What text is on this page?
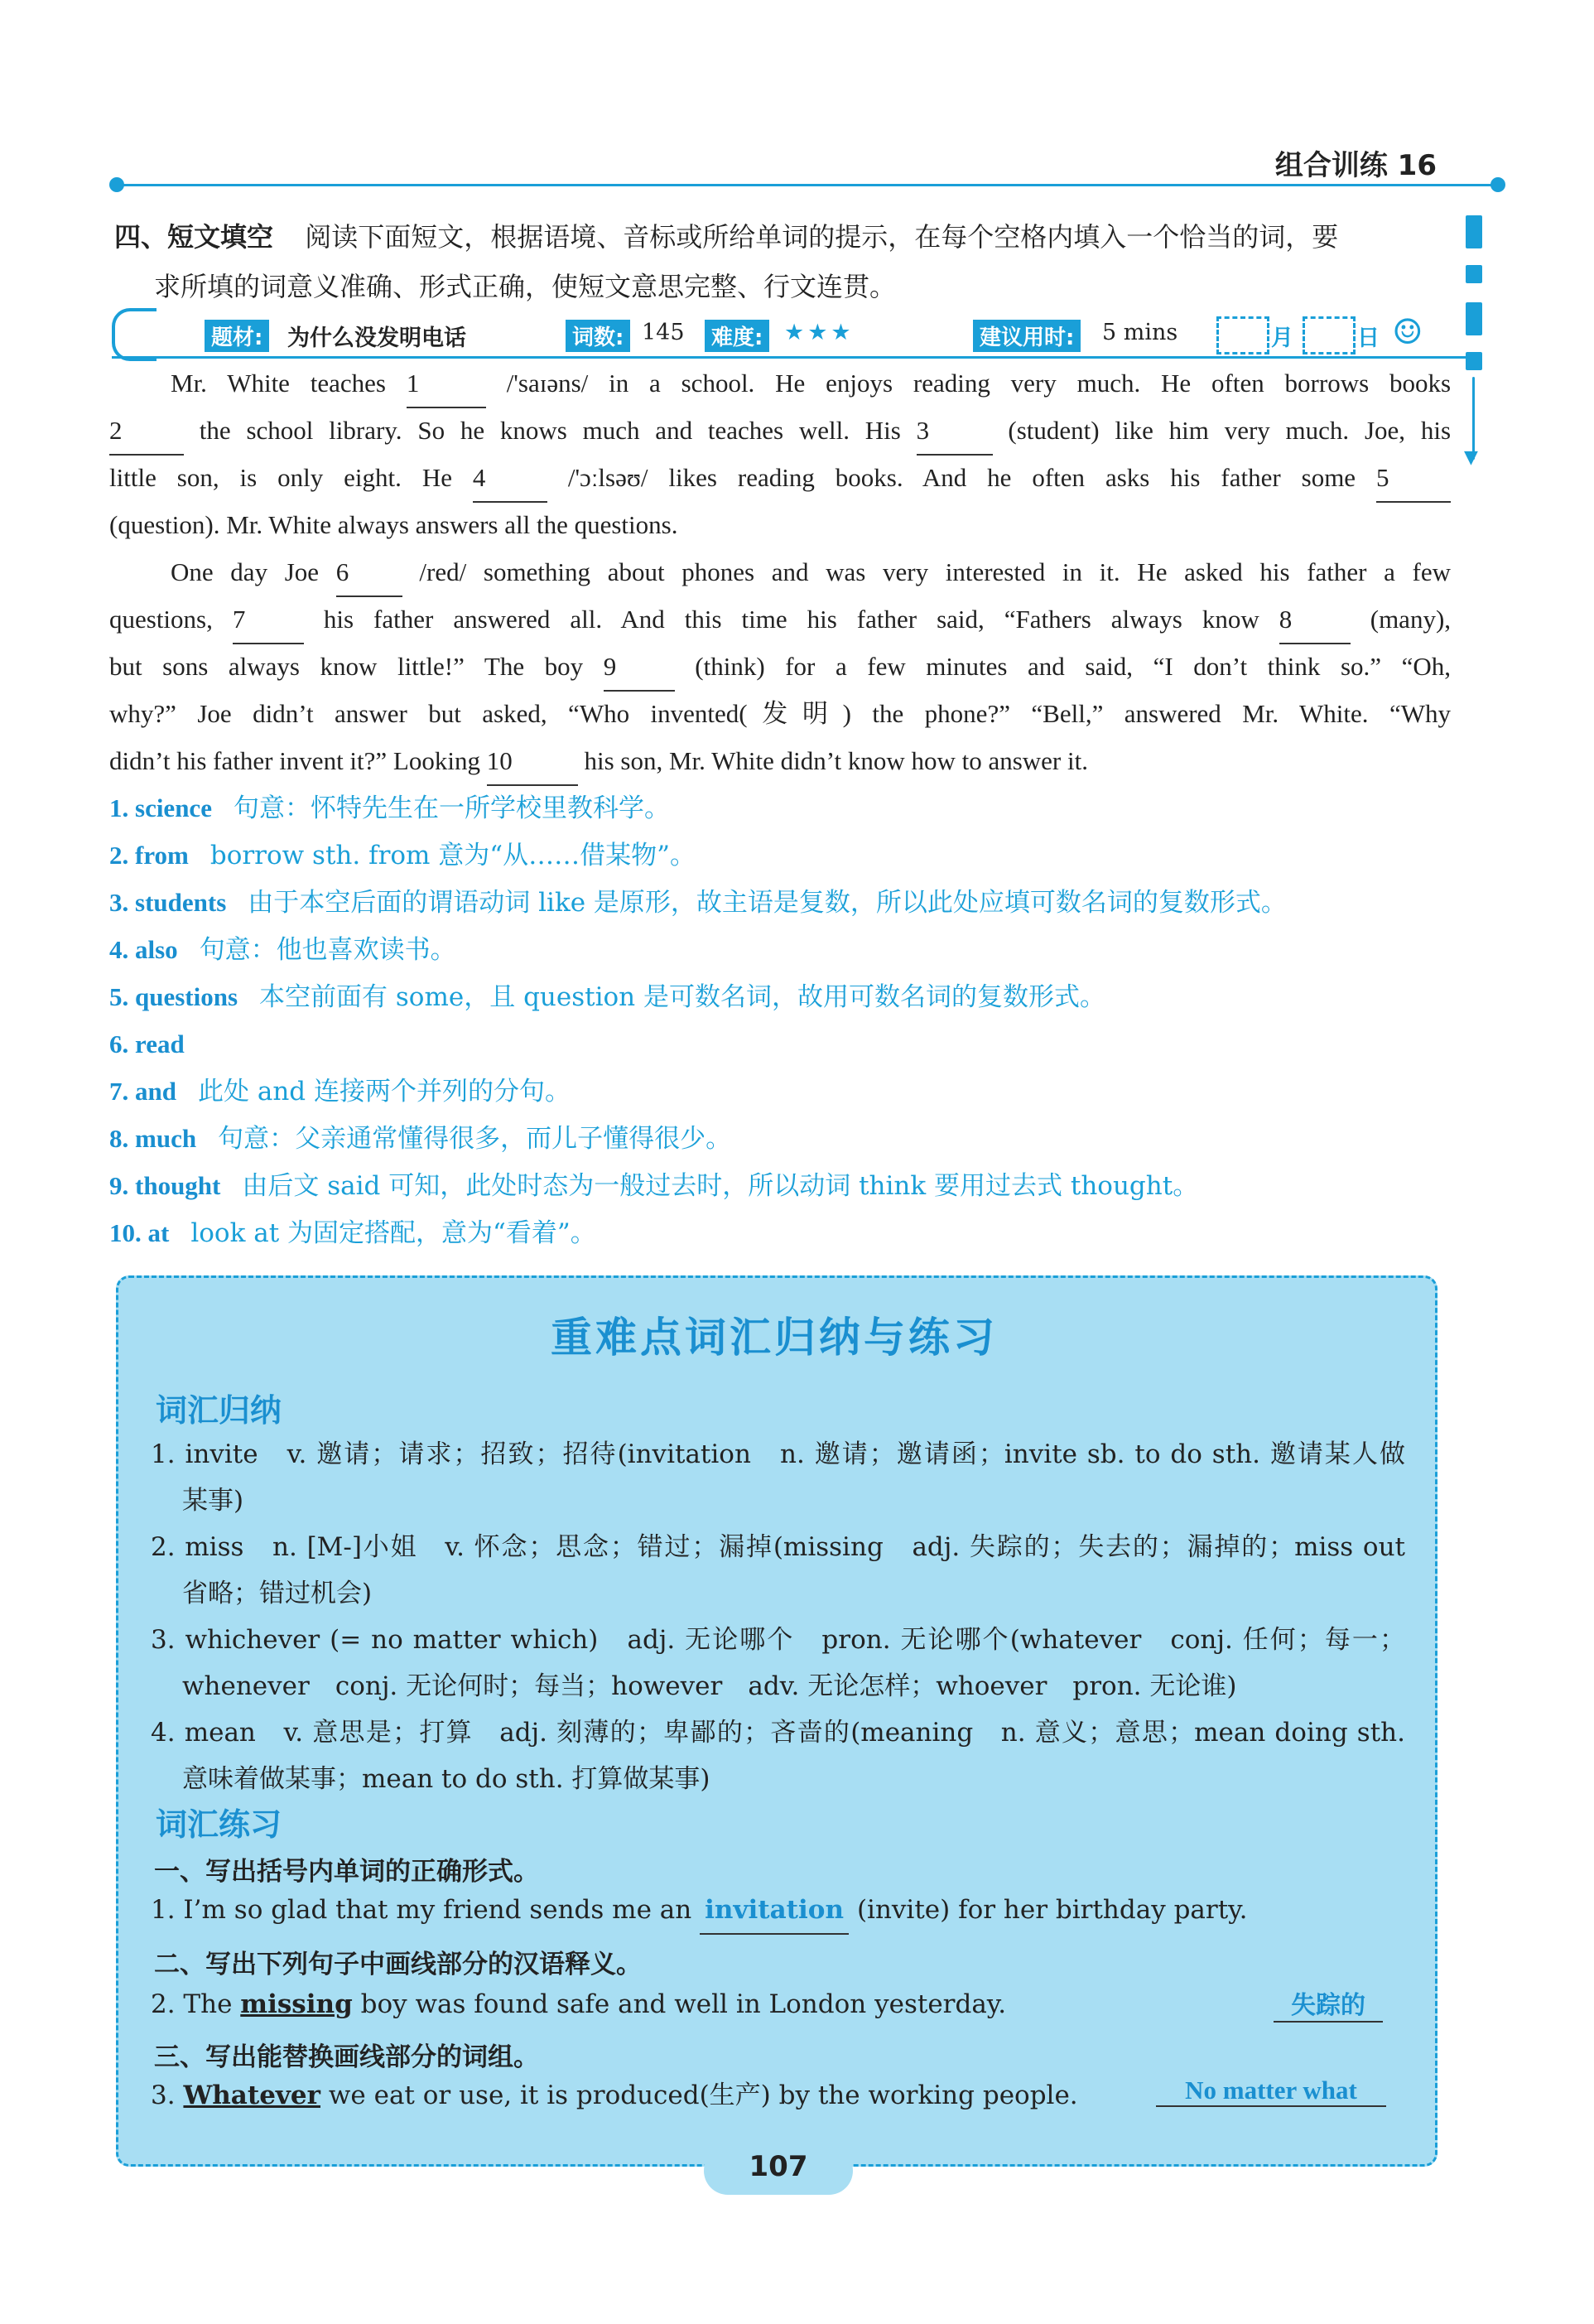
组合训练 16
▼
四、短文填空 阅读下面短文，根据语境、音标或所给单词的提示，在每个空格内填入一个恰当的词，要
求所填的词意义准确、形式正确，使短文意思完整、行文连贯。
题材: 为什么没发明电话	词数: 145	难度: ★★★	建议用时: 5 mins	月	日 ☺
Mr. White teaches 1	/'saɪəns/ in a school. He enjoys reading very much. He often borrows books
2	the school library. So he knows much and teaches well. His 3	(student) like him very much. Joe, his
little son, is only eight. He 4	/'ɔːlsəʊ/ likes reading books. And he often asks his father some 5
(question). Mr. White always answers all the questions.
One day Joe 6	/red/ something about phones and was very interested in it. He asked his father a few
questions, 7	his father answered all. And this time his father said, “Fathers always know 8	(many),
but sons always know little!” The boy 9	(think) for a few minutes and said, “I don’t think so.” “Oh,
why?” Joe didn’t answer but asked, “Who invented(发明) the phone?” “Bell,” answered Mr. White. “Why
didn’t his father invent it?” Looking 10	his son, Mr. White didn’t know how to answer it.
1. science 句意：怀特先生在一所学校里教科学。
2. from borrow sth. from 意为“从……借某物”。
3. students 由于本空后面的谓语动词 like 是原形，故主语是复数，所以此处应填可数名词的复数形式。
4. also 句意：他也喜欢读书。
5. questions 本空前面有 some，且 question 是可数名词，故用可数名词的复数形式。
6. read
7. and 此处 and 连接两个并列的分句。
8. much 句意：父亲通常懂得很多，而儿子懂得很少。
9. thought 由后文 said 可知，此处时态为一般过去时，所以动词 think 要用过去式 thought。
10. at look at 为固定搭配，意为“看着”。
重难点词汇归纳与练习
词汇归纳
1. invite　v. 邀请；请求；招致；招待(invitation　n. 邀请；邀请函；invite sb. to do sth. 邀请某人做
某事)
2. miss　n. [M-]小姐　v. 怀念；思念；错过；漏掉(missing　adj. 失踪的；失去的；漏掉的；miss out
省略；错过机会)
3. whichever (= no matter which)　adj. 无论哪个　pron. 无论哪个(whatever　conj. 任何；每一；
whenever　conj. 无论何时；每当；however　adv. 无论怎样；whoever　pron. 无论谁)
4. mean　v. 意思是；打算　adj. 刻薄的；卑鄙的；吝啬的(meaning　n. 意义；意思；mean doing sth.
意味着做某事；mean to do sth. 打算做某事)
词汇练习
一、写出括号内单词的正确形式。
1. I’m so glad that my friend sends me an invitation (invite) for her birthday party.
二、写出下列句子中画线部分的汉语释义。
2. The missing boy was found safe and well in London yesterday.	失踪的
三、写出能替换画线部分的词组。
3. Whatever we eat or use, it is produced(生产) by the working people.	No matter what
107
